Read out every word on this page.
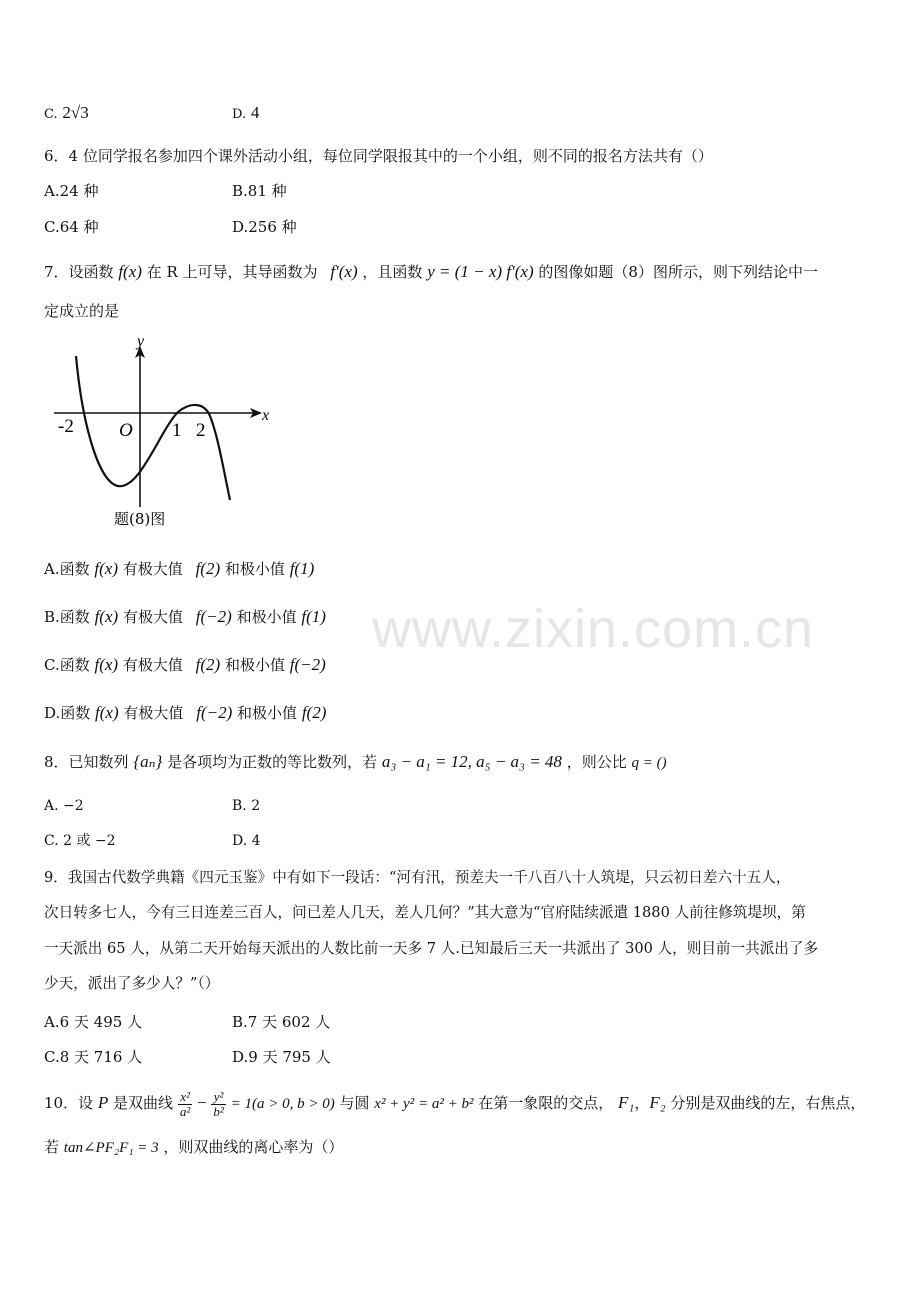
www.zixin.com.cn
C. 2√3	D. 4
6．4 位同学报名参加四个课外活动小组，每位同学限报其中的一个小组，则不同的报名方法共有（）
A.24 种	B.81 种
C.64 种	D.256 种
7．设函数 f(x) 在 R 上可导，其导函数为 f′(x) ，且函数 y = (1 − x) f′(x) 的图像如题（8）图所示，则下列结论中一
定成立的是
y
x
O
-2	1 2
题(8)图
A.函数 f(x) 有极大值 f(2) 和极小值 f(1)
B.函数 f(x) 有极大值 f(−2) 和极小值 f(1)
C.函数 f(x) 有极大值 f(2) 和极小值 f(−2)
D.函数 f(x) 有极大值 f(−2) 和极小值 f(2)
8．已知数列 {aₙ} 是各项均为正数的等比数列，若 a₃ − a₁ = 12, a₅ − a₃ = 48 ，则公比 q = ()
A. −2	B. 2
C. 2 或 −2	D. 4
9．我国古代数学典籍《四元玉鉴》中有如下一段话：“河有汛，预差夫一千八百八十人筑堤，只云初日差六十五人，
次日转多七人，今有三日连差三百人，问已差人几天，差人几何？”其大意为“官府陆续派遣 1880 人前往修筑堤坝，第
一天派出 65 人，从第二天开始每天派出的人数比前一天多 7 人.已知最后三天一共派出了 300 人，则目前一共派出了多
少天，派出了多少人？”（）
A.6 天 495 人	B.7 天 602 人
C.8 天 716 人	D.9 天 795 人
10．设 P 是双曲线 $\frac{\text{x²}}{\text{a²}} - \frac{\text{y²}}{\text{b²}} = 1(a > 0$, b > 0) 与圆 x² + y² = a² + b² 在第一象限的交点， F₁，F₂ 分别是双曲线的左，右焦点，
若 tan∠PF₂F₁ = 3 ，则双曲线的离心率为（）
